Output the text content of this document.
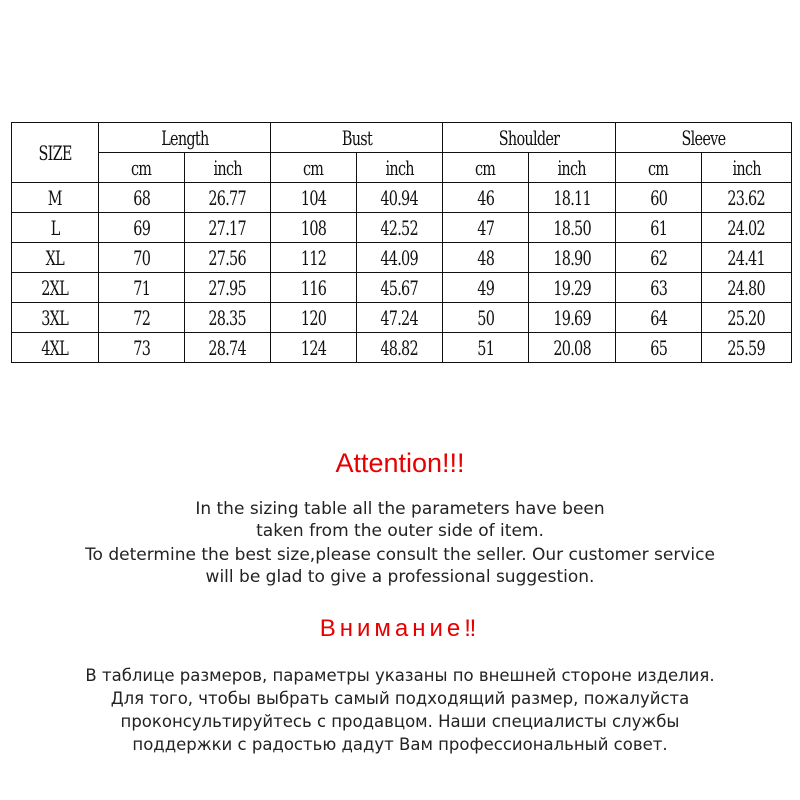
SIZE	Length		Bust		Shoulder		Sleeve	
	cm	inch	cm	inch	cm	inch	cm	inch
M	68	26.77	104	40.94	46	18.11	60	23.62
L	69	27.17	108	42.52	47	18.50	61	24.02
XL	70	27.56	112	44.09	48	18.90	62	24.41
2XL	71	27.95	116	45.67	49	19.29	63	24.80
3XL	72	28.35	120	47.24	50	19.69	64	25.20
4XL	73	28.74	124	48.82	51	20.08	65	25.59
Attention!!!
In the sizing table all the parameters have been
taken from the outer side of item.
To determine the best size,please consult the seller. Our customer service
will be glad to give a professional suggestion.
Внимание‼
В таблице размеров, параметры указаны по внешней стороне изделия.
Для того, чтобы выбрать самый подходящий размер, пожалуйста
проконсультируйтесь с продавцом. Наши специалисты службы
поддержки с радостью дадут Вам профессиональный совет.
